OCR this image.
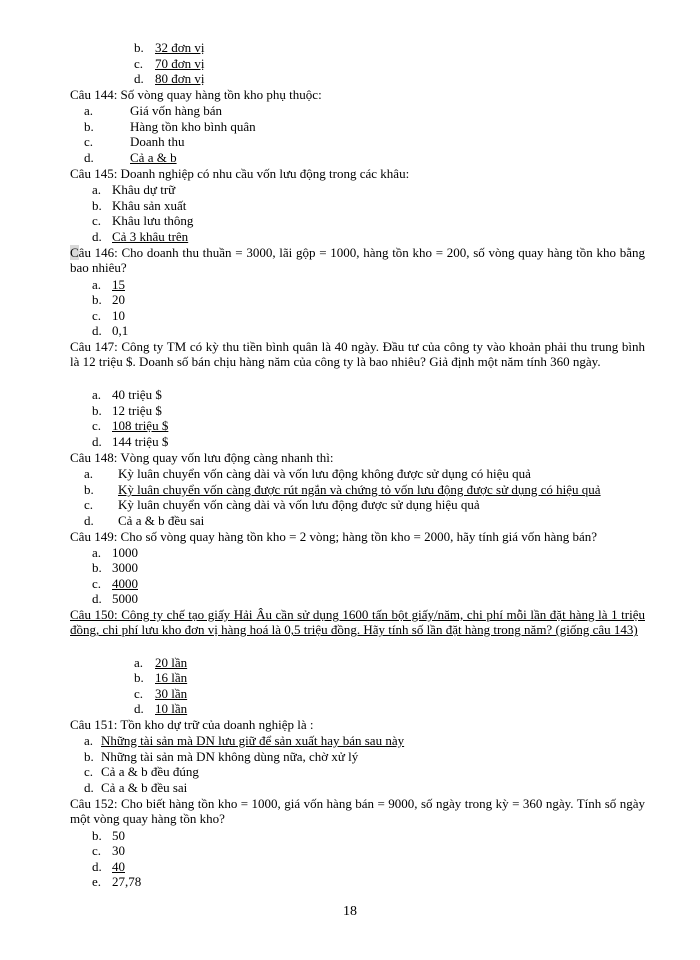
b. 32 đơn vị
c. 70 đơn vị
d. 80 đơn vị
Câu 144: Số vòng quay hàng tồn kho phụ thuộc:
a.	Giá vốn hàng bán
b.	Hàng tồn kho bình quân
c.	Doanh thu
d.	Cả a & b
Câu 145: Doanh nghiệp có nhu cầu vốn lưu động trong các khâu:
a. Khâu dự trữ
b. Khâu sản xuất
c. Khâu lưu thông
d. Cả 3 khâu trên
Câu 146: Cho doanh thu thuần = 3000, lãi gộp = 1000, hàng tồn kho = 200, số vòng quay hàng tồn kho bằng bao nhiêu?
a. 15
b. 20
c. 10
d. 0,1
Câu 147: Công ty TM có kỳ thu tiền bình quân là 40 ngày. Đầu tư của công ty vào khoản phải thu trung bình là 12 triệu $. Doanh số bán chịu hàng năm của công ty là bao nhiêu? Giả định một năm tính 360 ngày.
a. 40 triệu $
b. 12 triệu $
c. 108 triệu $
d. 144 triệu $
Câu 148: Vòng quay vốn lưu động càng nhanh thì:
a. Kỳ luân chuyển vốn càng dài và vốn lưu động không được sử dụng có hiệu quả
b. Kỳ luân chuyển vốn càng được rút ngắn và chứng tỏ vốn lưu động được sử dụng có hiệu quả
c. Kỳ luân chuyển vốn càng dài và vốn lưu động được sử dụng hiệu quả
d. Cả a & b đều sai
Câu 149: Cho số vòng quay hàng tồn kho = 2 vòng; hàng tồn kho = 2000, hãy tính giá vốn hàng bán?
a. 1000
b. 3000
c. 4000
d. 5000
Câu 150: Công ty chế tạo giấy Hải Âu cần sử dụng 1600 tấn bột giấy/năm, chi phí mỗi lần đặt hàng là 1 triệu đồng, chi phí lưu kho đơn vị hàng hoá là 0,5 triệu đồng. Hãy tính số lần đặt hàng trong năm? (giống câu 143)
a. 20 lần
b. 16 lần
c. 30 lần
d. 10 lần
Câu 151: Tồn kho dự trữ của doanh nghiệp là :
a. Những tài sản mà DN lưu giữ để sản xuất hay bán sau này
b. Những tài sản mà DN không dùng nữa, chờ xử lý
c. Cả a & b đều đúng
d. Cả a & b đều sai
Câu 152: Cho biết hàng tồn kho = 1000, giá vốn hàng bán = 9000, số ngày trong kỳ = 360 ngày. Tính số ngày một vòng quay hàng tồn kho?
b. 50
c. 30
d. 40
e. 27,78
18
